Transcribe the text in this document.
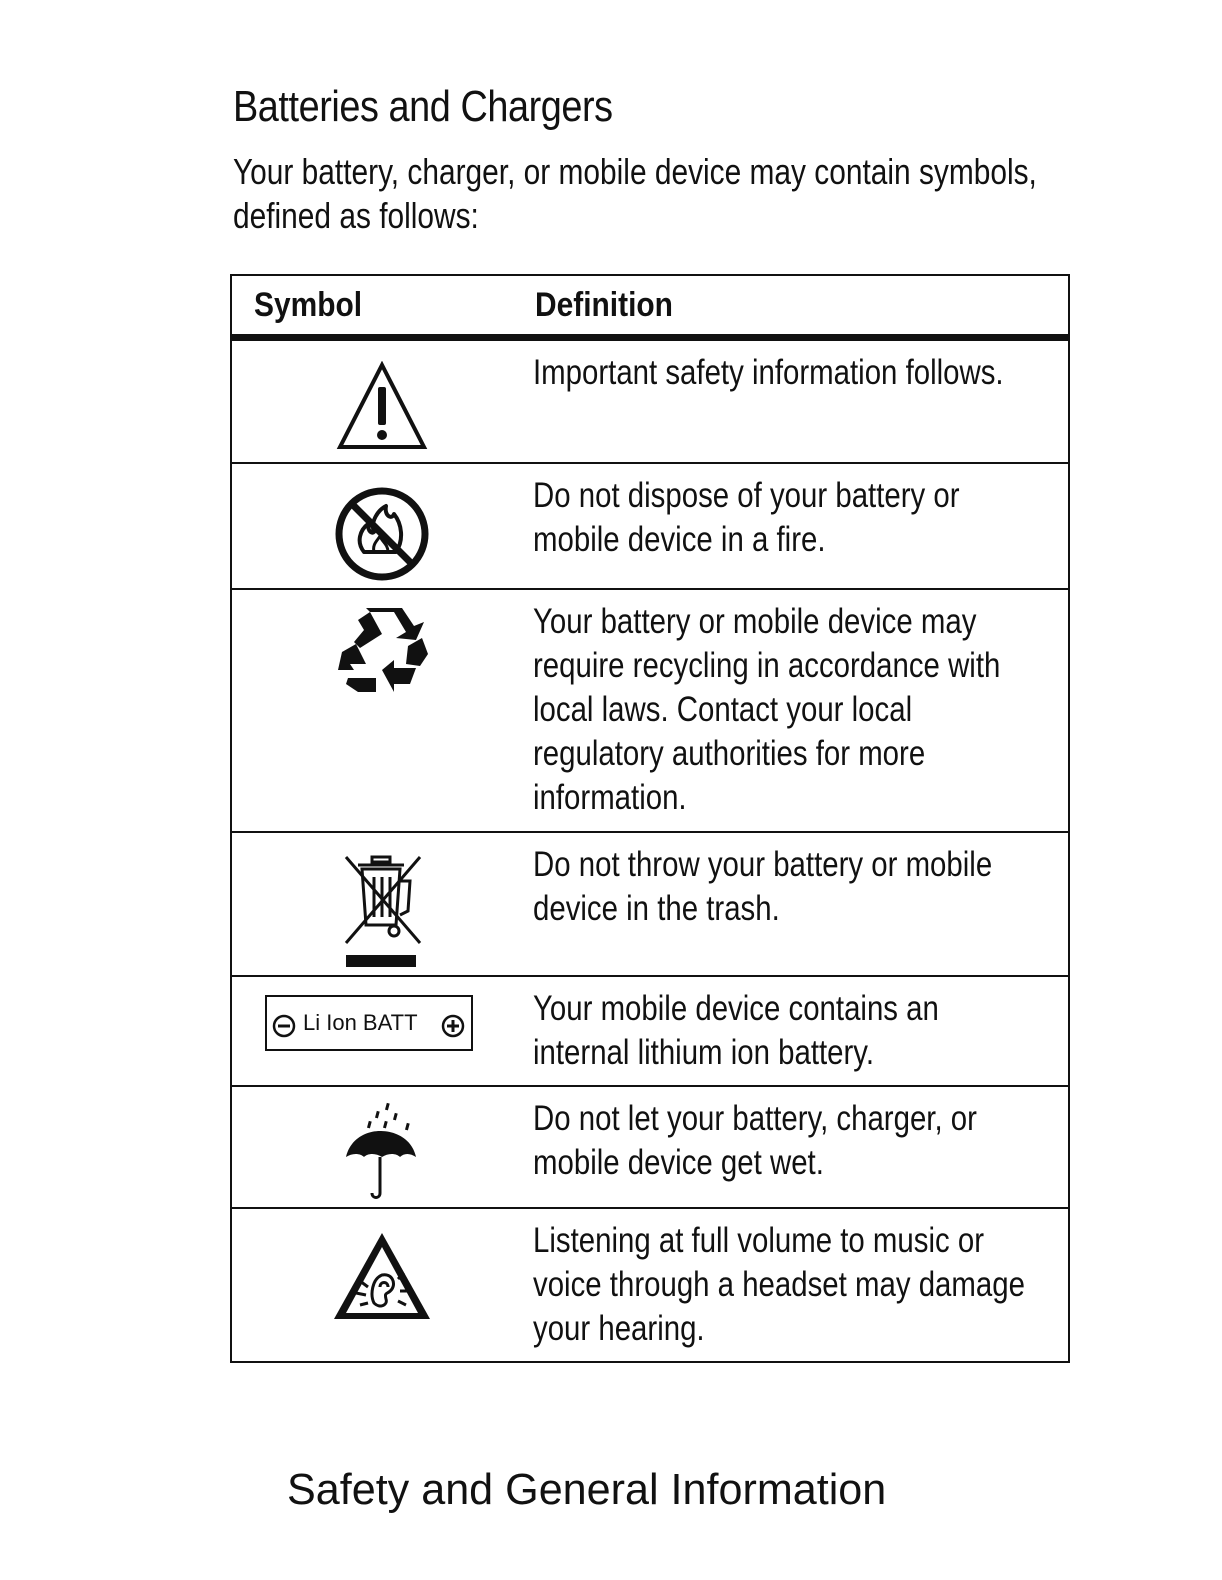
Batteries and Chargers

Your battery, charger, or mobile device may contain symbols,
defined as follows:

Symbol	Definition

Important safety information follows.

Do not dispose of your battery or
mobile device in a fire.

Your battery or mobile device may
require recycling in accordance with
local laws. Contact your local
regulatory authorities for more
information.

Do not throw your battery or mobile
device in the trash.

Li Ion BATT	Your mobile device contains an
internal lithium ion battery.

Do not let your battery, charger, or
mobile device get wet.

Listening at full volume to music or
voice through a headset may damage
your hearing.
Safety and General Information
